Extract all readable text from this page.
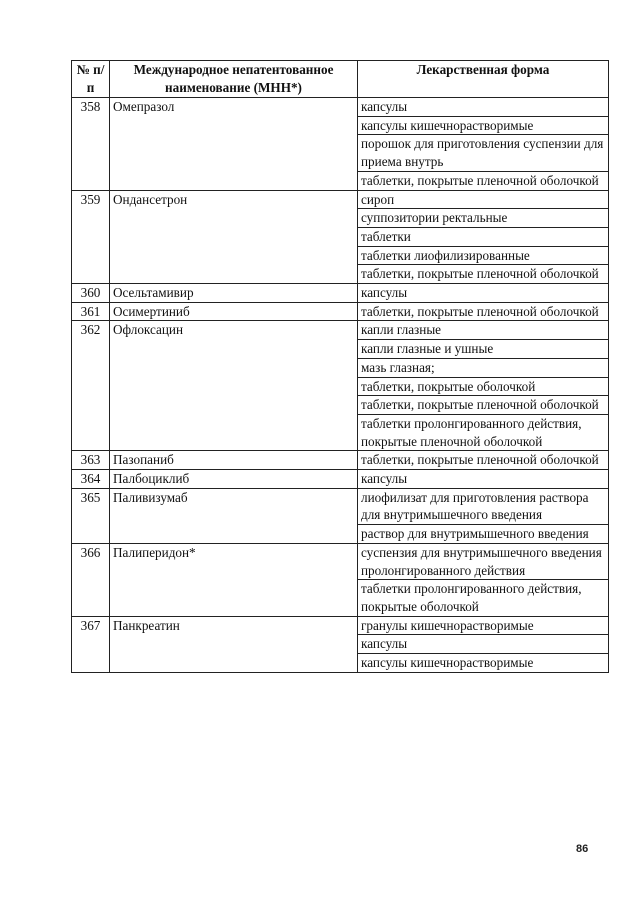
№ п/п	Международное непатентованное наименование (МНН*)	Лекарственная форма
358	Омепразол	капсулы
		капсулы кишечнорастворимые
		порошок для приготовления суспензии для приема внутрь
		таблетки, покрытые пленочной оболочкой
359	Ондансетрон	сироп
		суппозитории ректальные
		таблетки
		таблетки лиофилизированные
		таблетки, покрытые пленочной оболочкой
360	Осельтамивир	капсулы
361	Осимертиниб	таблетки, покрытые пленочной оболочкой
362	Офлоксацин	капли глазные
		капли глазные и ушные
		мазь глазная;
		таблетки, покрытые оболочкой
		таблетки, покрытые пленочной оболочкой
		таблетки пролонгированного действия, покрытые пленочной оболочкой
363	Пазопаниб	таблетки, покрытые пленочной оболочкой
364	Палбоциклиб	капсулы
365	Паливизумаб	лиофилизат для приготовления раствора для внутримышечного введения
		раствор для внутримышечного введения
366	Палиперидон*	суспензия для внутримышечного введения пролонгированного действия
		таблетки пролонгированного действия, покрытые оболочкой
367	Панкреатин	гранулы кишечнорастворимые
		капсулы
		капсулы кишечнорастворимые
86
